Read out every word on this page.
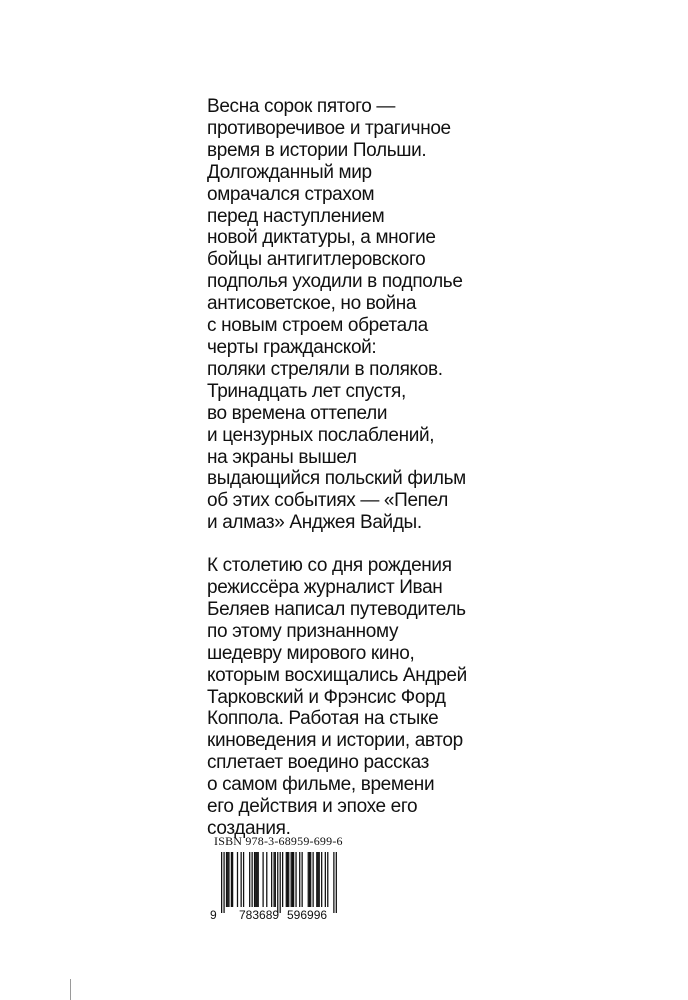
Весна сорок пятого —
противоречивое и трагичное
время в истории Польши.
Долгожданный мир
омрачался страхом
перед наступлением
новой диктатуры, а многие
бойцы антигитлеровского
подполья уходили в подполье
антисоветское, но война
с новым строем обретала
черты гражданской:
поляки стреляли в поляков.
Тринадцать лет спустя,
во времена оттепели
и цензурных послаблений,
на экраны вышел
выдающийся польский фильм
об этих событиях — «Пепел
и алмаз» Анджея Вайды.
К столетию со дня рождения
режиссёра журналист Иван
Беляев написал путеводитель
по этому признанному
шедевру мирового кино,
которым восхищались Андрей
Тарковский и Фрэнсис Форд
Коппола. Работая на стыке
киноведения и истории, автор
сплетает воедино рассказ
о самом фильме, времени
его действия и эпохе его
создания.
ISBN 978-3-68959-699-6
9 783689 596996
